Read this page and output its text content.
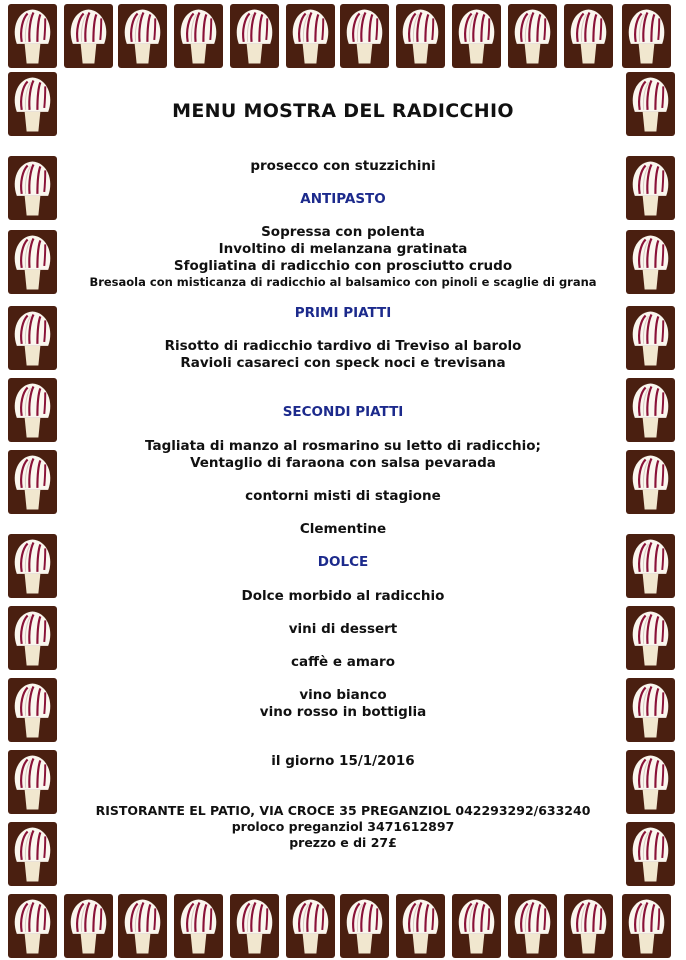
MENU MOSTRA DEL RADICCHIO
prosecco con stuzzichini
ANTIPASTO
Sopressa con polenta
Involtino di melanzana gratinata
Sfogliatina di radicchio con prosciutto crudo
Bresaola con misticanza di radicchio al balsamico con pinoli e scaglie di grana
PRIMI PIATTI
Risotto di radicchio tardivo di Treviso al barolo
Ravioli casareci con speck noci e trevisana
SECONDI PIATTI
Tagliata di manzo al rosmarino su letto di radicchio;
Ventaglio di faraona con salsa pevarada
contorni misti di stagione
Clementine
DOLCE
Dolce morbido al radicchio
vini di dessert
caffè e amaro
vino bianco
vino rosso in bottiglia
il giorno 15/1/2016
RISTORANTE EL PATIO, VIA CROCE 35 PREGANZIOL 042293292/633240
proloco preganziol 3471612897
prezzo e di 27£
